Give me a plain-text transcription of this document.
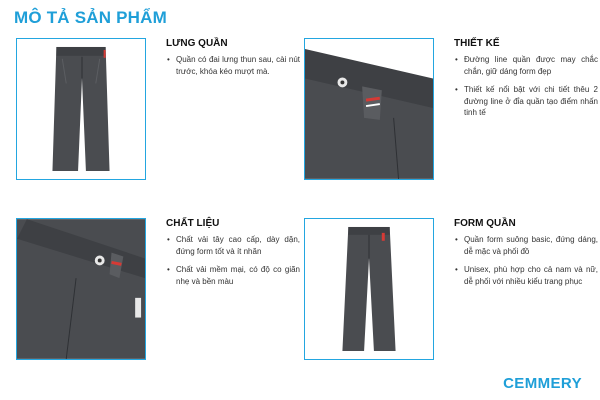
MÔ TẢ SẢN PHẨM
LƯNG QUẦN
• Quần có đai lưng thun sau, cài nút trước, khóa kéo mượt mà.
THIẾT KẾ
• Đường line quần được may chắc chắn, giữ dáng form đẹp
• Thiết kế nổi bật với chi tiết thêu 2 đường line ở đỉa quần tạo điểm nhấn tinh tế
CHẤT LIỆU
• Chất vải tây cao cấp, dày dặn, đứng form tốt và ít nhăn
• Chất vải mềm mại, có độ co giãn nhẹ và bền màu
FORM QUẦN
• Quần form suông basic, đứng dáng, dễ mặc và phối đồ
• Unisex, phù hợp cho cả nam và nữ, dễ phối với nhiều kiểu trang phục
CEMMERY
